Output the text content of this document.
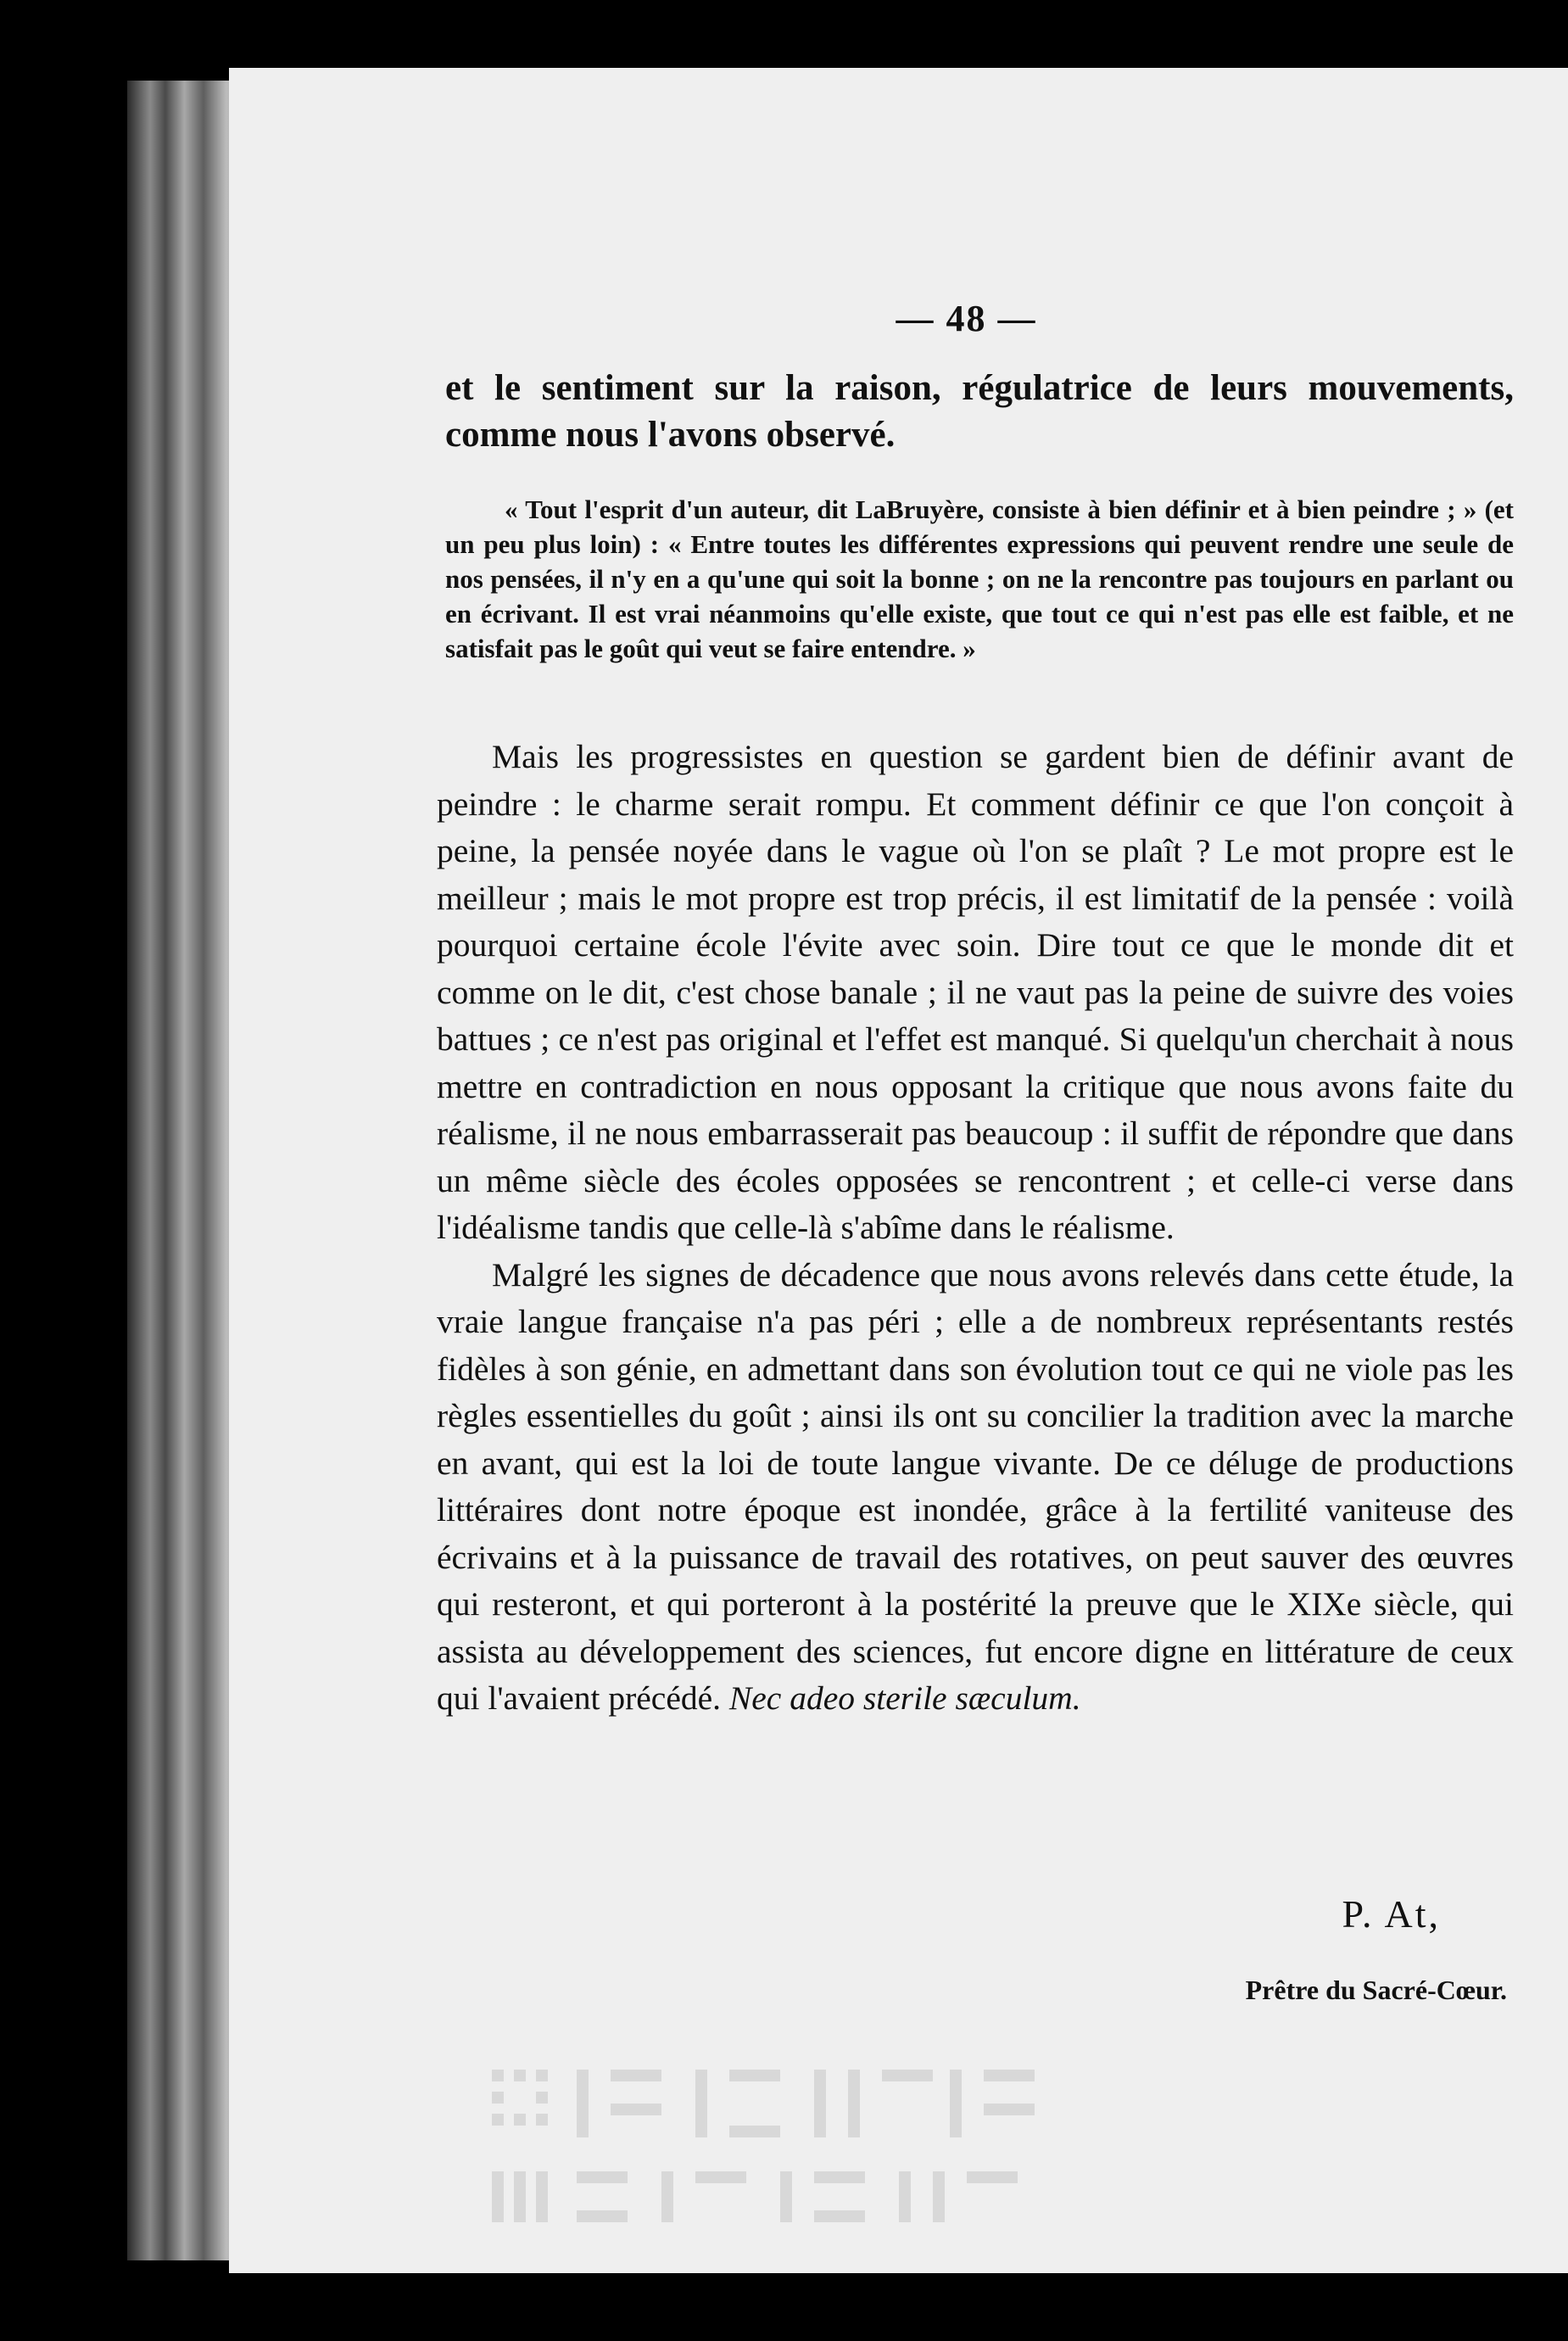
— 48 —
et le sentiment sur la raison, régulatrice de leurs mouvements, comme nous l'avons observé.
« Tout l'esprit d'un auteur, dit LaBruyère, consiste à bien définir et à bien peindre ; » (et un peu plus loin) : « Entre toutes les différentes expressions qui peuvent rendre une seule de nos pensées, il n'y en a qu'une qui soit la bonne ; on ne la rencontre pas toujours en parlant ou en écrivant. Il est vrai néanmoins qu'elle existe, que tout ce qui n'est pas elle est faible, et ne satisfait pas le goût qui veut se faire entendre. »

Mais les progressistes en question se gardent bien de définir avant de peindre : le charme serait rompu. Et comment définir ce que l'on conçoit à peine, la pensée noyée dans le vague où l'on se plaît ? Le mot propre est le meilleur ; mais le mot propre est trop précis, il est limitatif de la pensée : voilà pourquoi certaine école l'évite avec soin. Dire tout ce que le monde dit et comme on le dit, c'est chose banale ; il ne vaut pas la peine de suivre des voies battues ; ce n'est pas original et l'effet est manqué. Si quelqu'un cherchait à nous mettre en contradiction en nous opposant la critique que nous avons faite du réalisme, il ne nous embarrasserait pas beaucoup : il suffit de répondre que dans un même siècle des écoles opposées se rencontrent ; et celle-ci verse dans l'idéalisme tandis que celle-là s'abîme dans le réalisme.

Malgré les signes de décadence que nous avons relevés dans cette étude, la vraie langue française n'a pas péri ; elle a de nombreux représentants restés fidèles à son génie, en admettant dans son évolution tout ce qui ne viole pas les règles essentielles du goût ; ainsi ils ont su concilier la tradition avec la marche en avant, qui est la loi de toute langue vivante. De ce déluge de productions littéraires dont notre époque est inondée, grâce à la fertilité vaniteuse des écrivains et à la puissance de travail des rotatives, on peut sauver des œuvres qui resteront, et qui porteront à la postérité la preuve que le XIXe siècle, qui assista au développement des sciences, fut encore digne en littérature de ceux qui l'avaient précédé. Nec adeo sterile sæculum.

P. At,
Prêtre du Sacré-Cœur.
